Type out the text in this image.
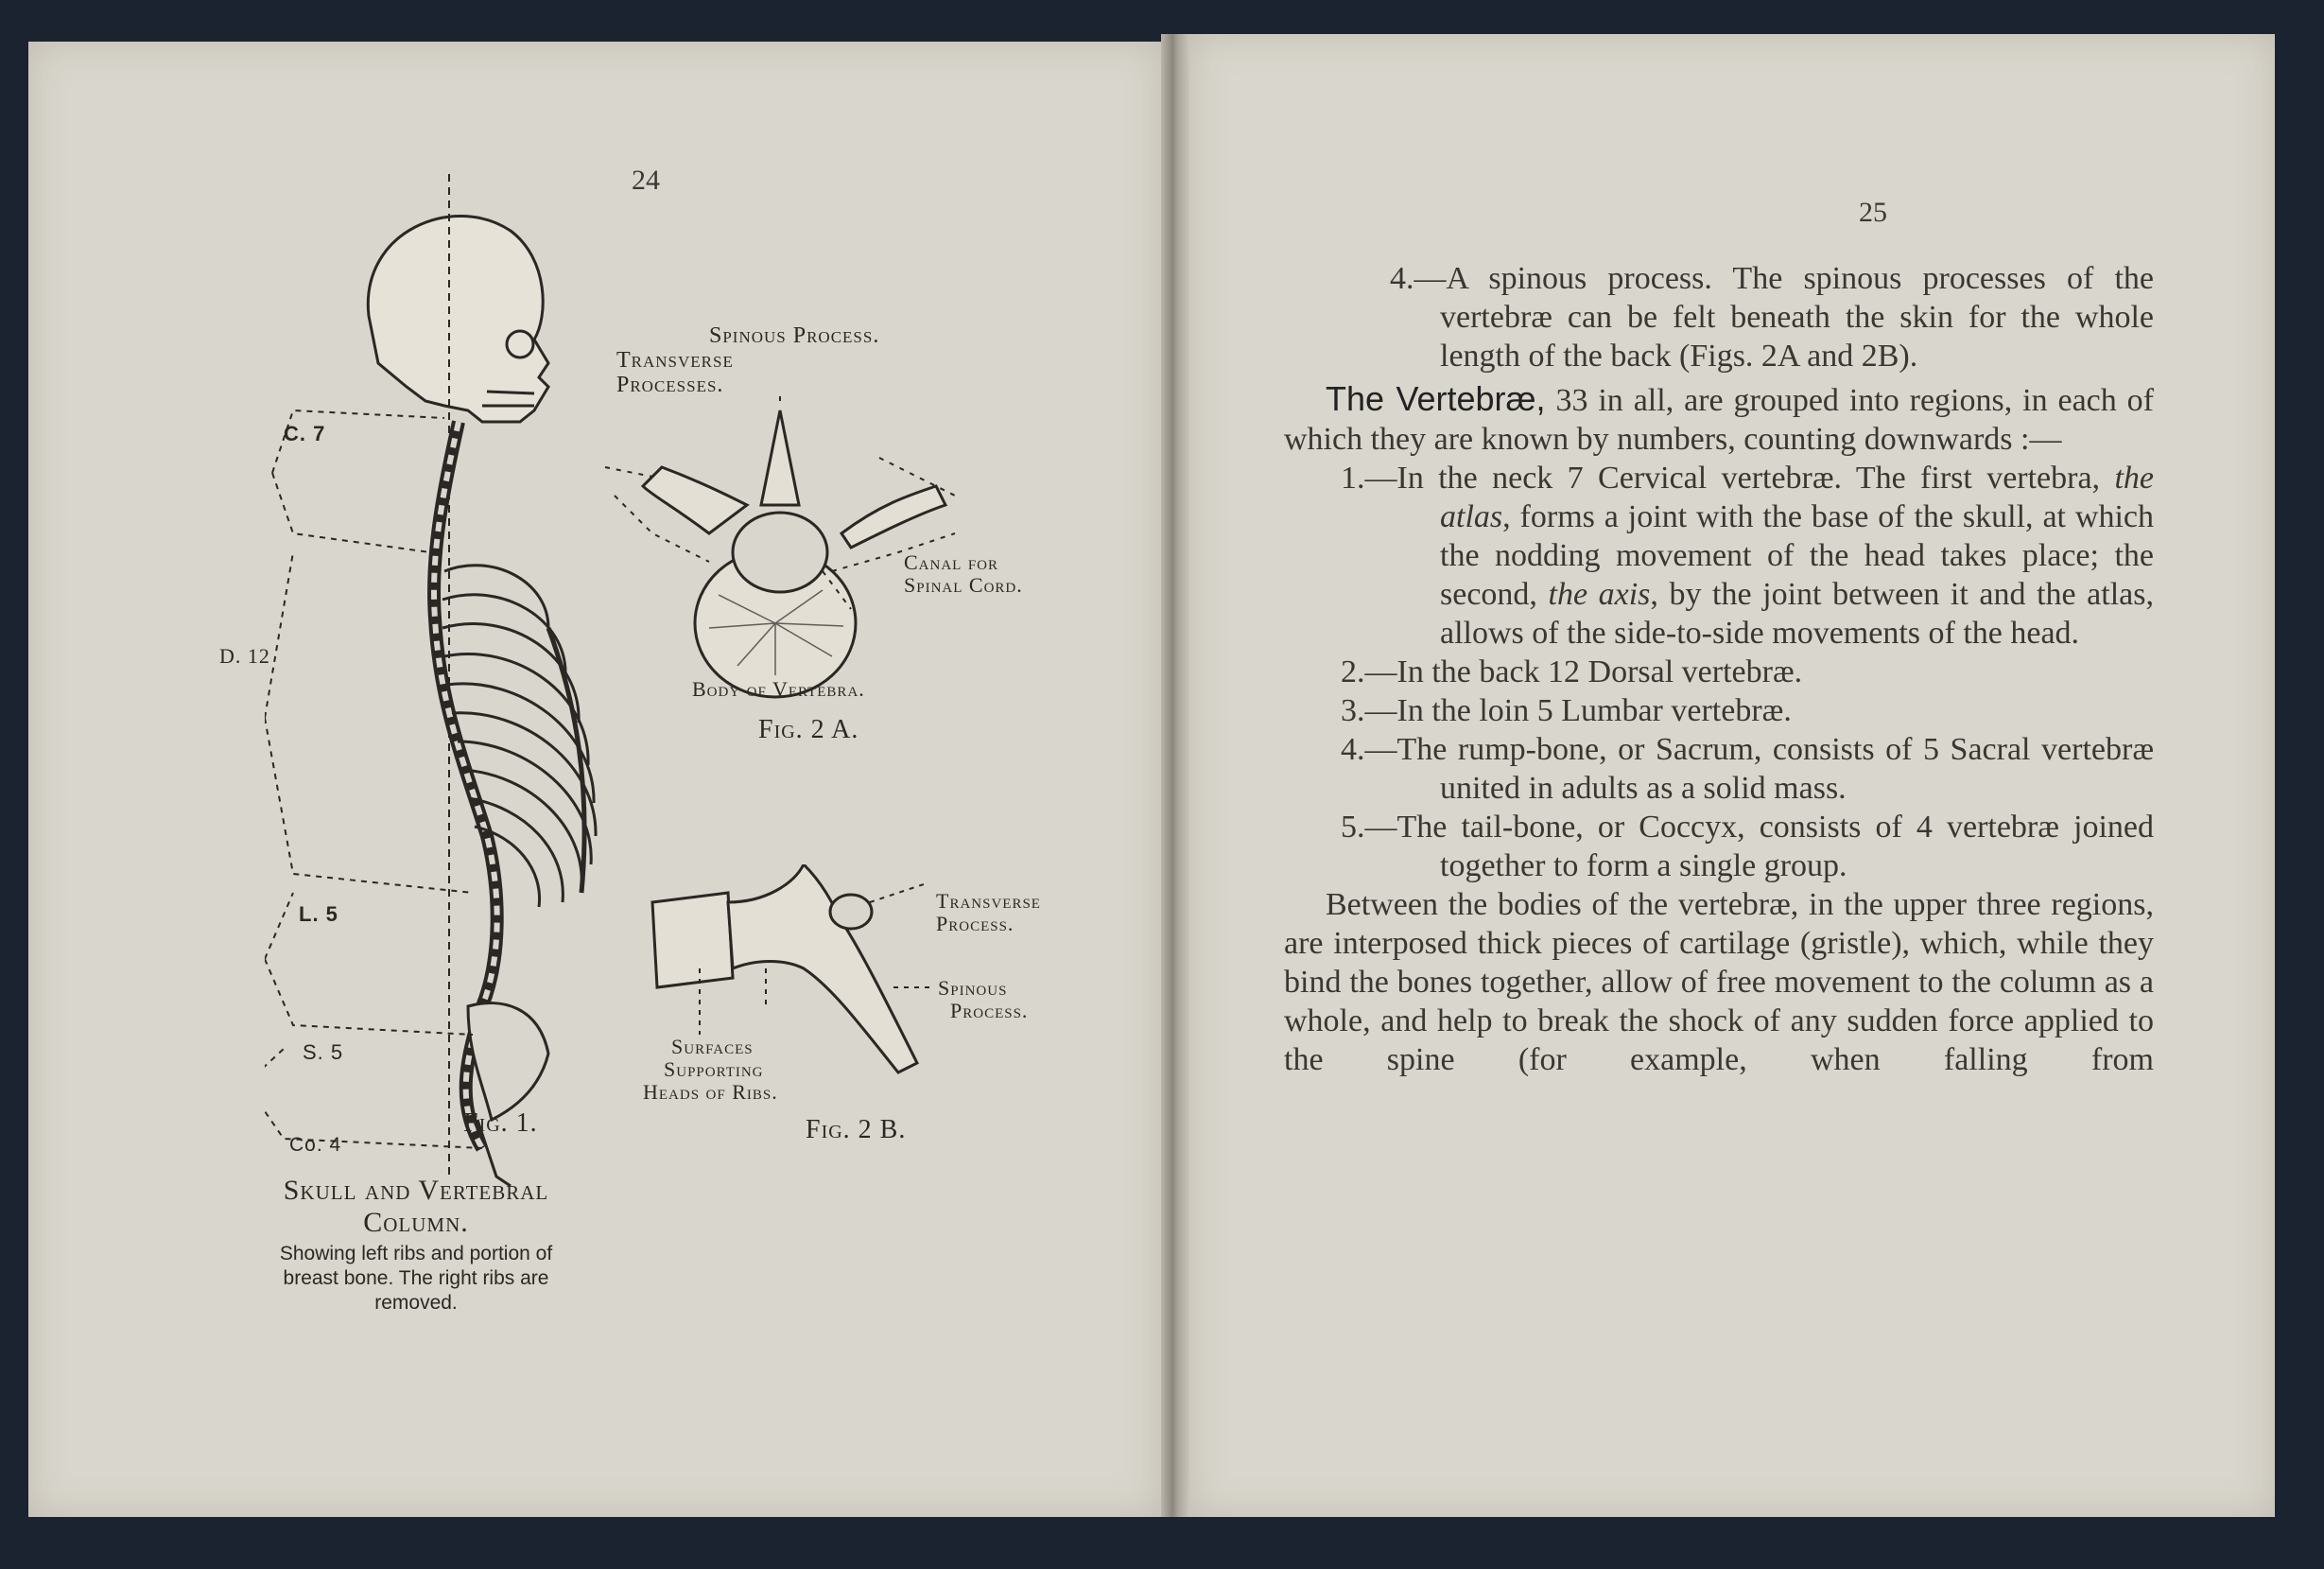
24
C. 7
D. 12
L. 5
S. 5
Co. 4
Fig. 1.
Skull and Vertebral
Column.
Showing left ribs and portion of
breast bone. The right ribs are
removed.
Spinous Process.
Transverse
Processes.
Canal for
Spinal Cord.
Body of Vertebra.
Fig. 2 A.
Transverse
Process.
Spinous
Process.
Surfaces
Supporting
Heads of Ribs.
Fig. 2 B.
25

4.—A spinous process. The spinous processes of the vertebræ can be felt beneath the skin for the whole length of the back (Figs. 2A and 2B).

The Vertebræ, 33 in all, are grouped into regions, in each of which they are known by numbers, counting downwards :—

1.—In the neck 7 Cervical vertebræ. The first vertebra, the atlas, forms a joint with the base of the skull, at which the nodding movement of the head takes place; the second, the axis, by the joint between it and the atlas, allows of the side-to-side movements of the head.

2.—In the back 12 Dorsal vertebræ.

3.—In the loin 5 Lumbar vertebræ.

4.—The rump-bone, or Sacrum, consists of 5 Sacral vertebræ united in adults as a solid mass.

5.—The tail-bone, or Coccyx, consists of 4 vertebræ joined together to form a single group.

Between the bodies of the vertebræ, in the upper three regions, are interposed thick pieces of cartilage (gristle), which, while they bind the bones together, allow of free movement to the column as a whole, and help to break the shock of any sudden force applied to the spine (for example, when falling from
